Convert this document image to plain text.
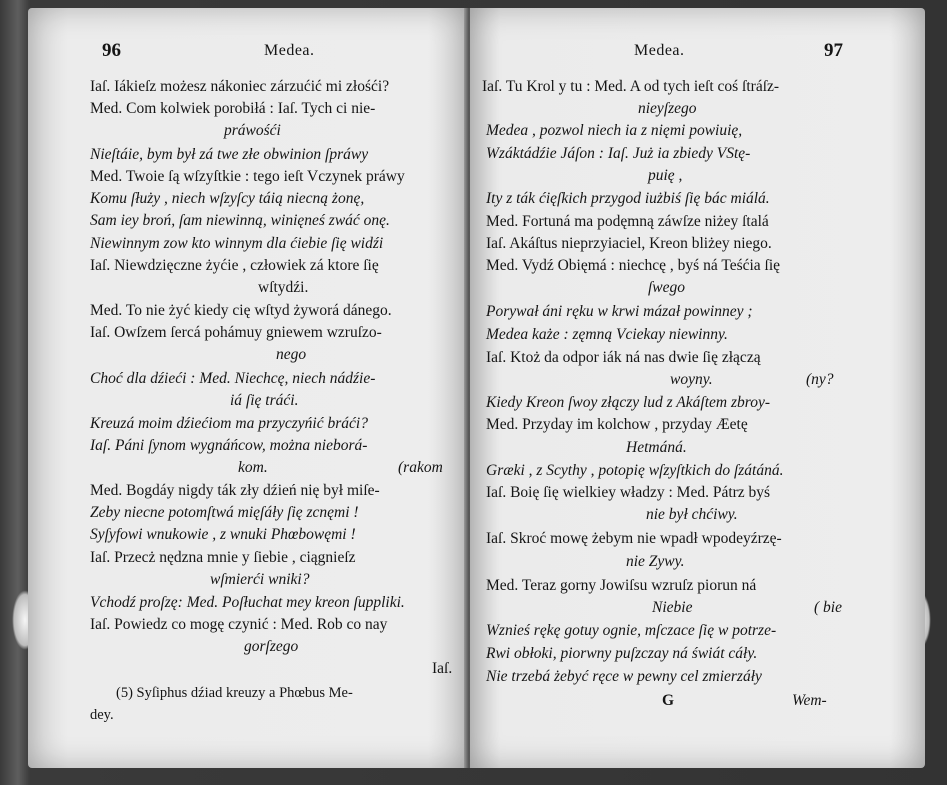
96	Medea.
Iaſ. Iákieſz możesz nákoniec zárzućić mi złośći?
Med. Com kolwiek porobiłá : Iaſ. Tych ci nie-
práwośći
Nieſtáie, bym był zá twe złe obwinion ſpráwy
Med. Twoie ſą wſzyſtkie : tego ieſt Vczynek práwy
Komu ſłuży , niech wſzyſcy táią niecną żonę,
Sam iey broń, ſam niewinną, winięneś zwáć onę.
Niewinnym zow kto winnym dla ćiebie ſię widźi
Iaſ. Niewdzięczne żyćie , człowiek zá ktore ſię
wſtydźi.
Med. To nie żyć kiedy cię wſtyd żyworá dánego.
Iaſ. Owſzem ſercá pohámuy gniewem wzruſzo-
nego
Choć dla dźieći : Med. Niechcę, niech nádźie-
iá ſię tráći.
Kreuzá moim dźiećiom ma przyczyńić bráći?
Iaſ. Páni ſynom wygnáńcow, można nieborá-
kom.	(rakom
Med. Bogdáy nigdy ták zły dźień nię był miſe-
Zeby niecne potomſtwá mięſáły ſię zcnęmi !
Syſyfowi wnukowie , z wnuki Phœbowęmi !
Iaſ. Przecż nędzna mnie y ſiebie , ciągnieſz
wſmierći wniki?
Vchodź proſzę: Med. Poſłuchat mey kreon ſuppliki.
Iaſ. Powiedz co mogę czynić : Med. Rob co nay
gorſzego
Iaſ.
(5) Syſiphus dźiad kreuzy a Phœbus Me-
dey.
Medea.	97
Iaſ. Tu Krol y tu : Med. A od tych ieſt coś ſtráſz-
nieyſzego
Medea , pozwol niech ia z nięmi powiuię,
Wzáktádźie Jáſon : Iaſ. Już ia zbiedy VStę-
puię ,
Ity z ták ćięſkich przygod iużbiś ſię bác miálá.
Med. Fortuná ma podęmną záwſze niżey ſtalá
Iaſ. Akáſtus nieprzyiaciel, Kreon bliżey niego.
Med. Vydź Obięmá : niechcę , byś ná Teśćia ſię
ſwego
Porywał áni ręku w krwi mázał powinney ;
Medea każe : zęmną Vciekay niewinny.
Iaſ. Ktoż da odpor iák ná nas dwie ſię złączą
woyny.	(ny?
Kiedy Kreon ſwoy złączy lud z Akáſtem zbroy-
Med. Przyday im kolchow , przyday Æetę
Hetmáná.
Græki , z Scythy , potopię wſzyſtkich do ſzátáná.
Iaſ. Boię ſię wielkiey władzy : Med. Pátrz byś
nie był chćiwy.
Iaſ. Skroć mowę żebym nie wpadł wpodeyźrzę-
nie Zywy.
Med. Teraz gorny Jowiſsu wzruſz piorun ná
Niebie	( bie
Wznieś rękę gotuy ognie, mſczace ſię w potrze-
Rwi obłoki, piorwny puſzczay ná świát cáły.
Nie trzebá żebyć ręce w pewny cel zmierzáły
G	Wem-
